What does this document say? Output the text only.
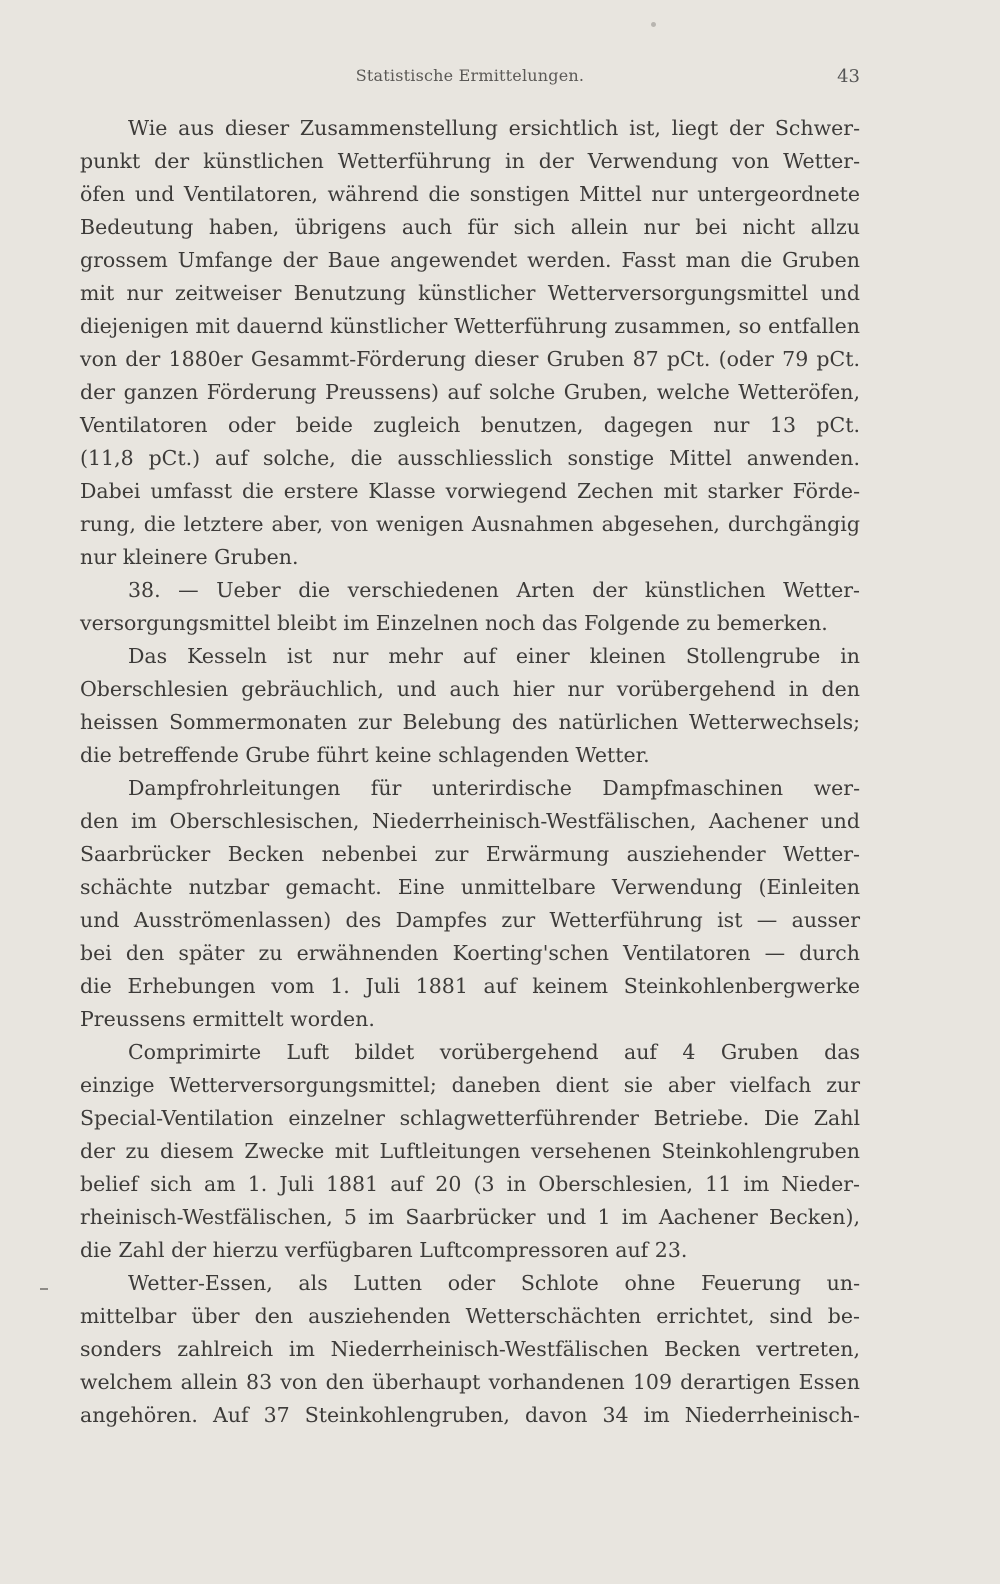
Statistische Ermittelungen.	43
Wie aus dieser Zusammenstellung ersichtlich ist, liegt der Schwer-
punkt der künstlichen Wetterführung in der Verwendung von Wetter-
öfen und Ventilatoren, während die sonstigen Mittel nur untergeordnete
Bedeutung haben, übrigens auch für sich allein nur bei nicht allzu
grossem Umfange der Baue angewendet werden. Fasst man die Gruben
mit nur zeitweiser Benutzung künstlicher Wetterversorgungsmittel und
diejenigen mit dauernd künstlicher Wetterführung zusammen, so entfallen
von der 1880er Gesammt-Förderung dieser Gruben 87 pCt. (oder 79 pCt.
der ganzen Förderung Preussens) auf solche Gruben, welche Wetteröfen,
Ventilatoren oder beide zugleich benutzen, dagegen nur 13 pCt.
(11,8 pCt.) auf solche, die ausschliesslich sonstige Mittel anwenden.
Dabei umfasst die erstere Klasse vorwiegend Zechen mit starker Förde-
rung, die letztere aber, von wenigen Ausnahmen abgesehen, durchgängig
nur kleinere Gruben.
38. — Ueber die verschiedenen Arten der künstlichen Wetter-
versorgungsmittel bleibt im Einzelnen noch das Folgende zu bemerken.
Das Kesseln ist nur mehr auf einer kleinen Stollengrube in
Oberschlesien gebräuchlich, und auch hier nur vorübergehend in den
heissen Sommermonaten zur Belebung des natürlichen Wetterwechsels;
die betreffende Grube führt keine schlagenden Wetter.
Dampfrohrleitungen für unterirdische Dampfmaschinen wer-
den im Oberschlesischen, Niederrheinisch-Westfälischen, Aachener und
Saarbrücker Becken nebenbei zur Erwärmung ausziehender Wetter-
schächte nutzbar gemacht. Eine unmittelbare Verwendung (Einleiten
und Ausströmenlassen) des Dampfes zur Wetterführung ist — ausser
bei den später zu erwähnenden Koerting'schen Ventilatoren — durch
die Erhebungen vom 1. Juli 1881 auf keinem Steinkohlenbergwerke
Preussens ermittelt worden.
Comprimirte Luft bildet vorübergehend auf 4 Gruben das
einzige Wetterversorgungsmittel; daneben dient sie aber vielfach zur
Special-Ventilation einzelner schlagwetterführender Betriebe. Die Zahl
der zu diesem Zwecke mit Luftleitungen versehenen Steinkohlengruben
belief sich am 1. Juli 1881 auf 20 (3 in Oberschlesien, 11 im Nieder-
rheinisch-Westfälischen, 5 im Saarbrücker und 1 im Aachener Becken),
die Zahl der hierzu verfügbaren Luftcompressoren auf 23.
Wetter-Essen, als Lutten oder Schlote ohne Feuerung un-
mittelbar über den ausziehenden Wetterschächten errichtet, sind be-
sonders zahlreich im Niederrheinisch-Westfälischen Becken vertreten,
welchem allein 83 von den überhaupt vorhandenen 109 derartigen Essen
angehören. Auf 37 Steinkohlengruben, davon 34 im Niederrheinisch-
